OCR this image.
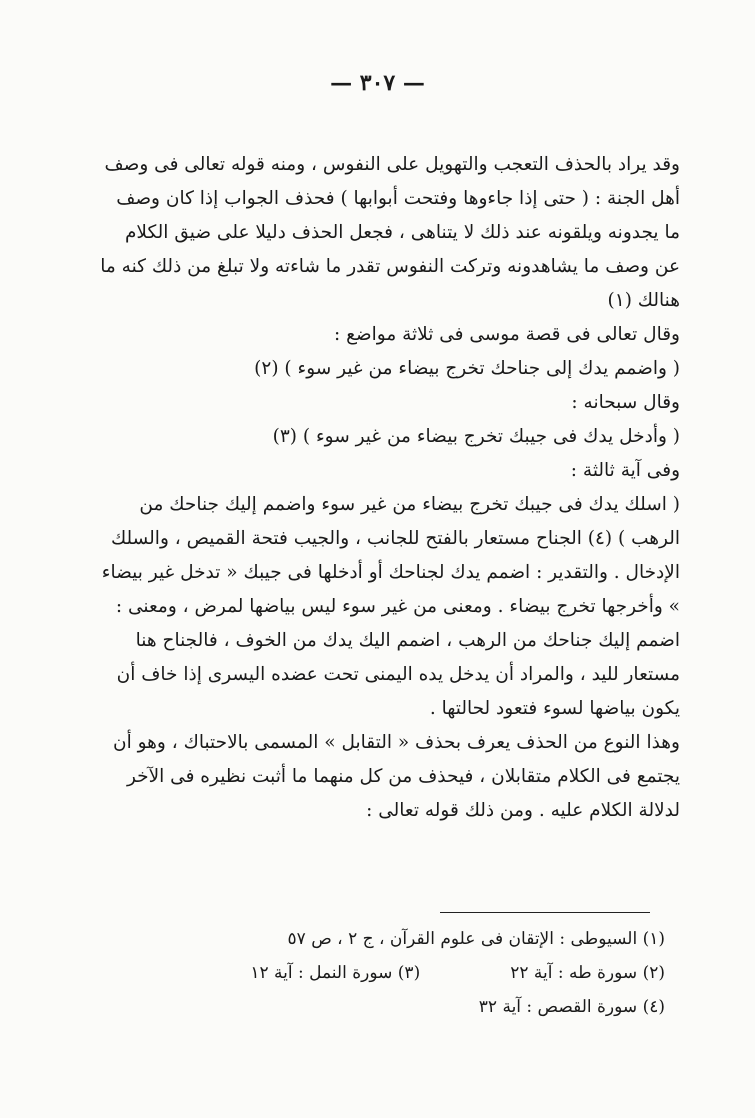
— ٣٠٧ —

وقد يراد بالحذف التعجب والتهويل على النفوس ، ومنه قوله تعالى فى وصف أهل الجنة : ( حتى إذا جاءوها وفتحت أبوابها ) فحذف الجواب إذا كان وصف ما يجدونه ويلقونه عند ذلك لا يتناهى ، فجعل الحذف دليلا على ضيق الكلام عن وصف ما يشاهدونه وتركت النفوس تقدر ما شاءته ولا تبلغ من ذلك كنه ما هنالك (١)

وقال تعالى فى قصة موسى فى ثلاثة مواضع :

( واضمم يدك إلى جناحك تخرج بيضاء من غير سوء ) (٢)

وقال سبحانه :

( وأدخل يدك فى جيبك تخرج بيضاء من غير سوء ) (٣)

وفى آية ثالثة :

( اسلك يدك فى جيبك تخرج بيضاء من غير سوء واضمم إليك جناحك من الرهب ) (٤) الجناح مستعار بالفتح للجانب ، والجيب فتحة القميص ، والسلك الإدخال . والتقدير : اضمم يدك لجناحك أو أدخلها فى جيبك « تدخل غير بيضاء » وأخرجها تخرج بيضاء . ومعنى من غير سوء ليس بياضها لمرض ، ومعنى : اضمم إليك جناحك من الرهب ، اضمم اليك يدك من الخوف ، فالجناح هنا مستعار لليد ، والمراد أن يدخل يده اليمنى تحت عضده اليسرى إذا خاف أن يكون بياضها لسوء فتعود لحالتها .

وهذا النوع من الحذف يعرف بحذف « التقابل » المسمى بالاحتباك ، وهو أن يجتمع فى الكلام متقابلان ، فيحذف من كل منهما ما أثبت نظيره فى الآخر لدلالة الكلام عليه . ومن ذلك قوله تعالى :

(١) السيوطى : الإتقان فى علوم القرآن ، ج ٢ ، ص ٥٧

(٢) سورة طه : آية ٢٢(٣) سورة النمل : آية ١٢

(٤) سورة القصص : آية ٣٢
